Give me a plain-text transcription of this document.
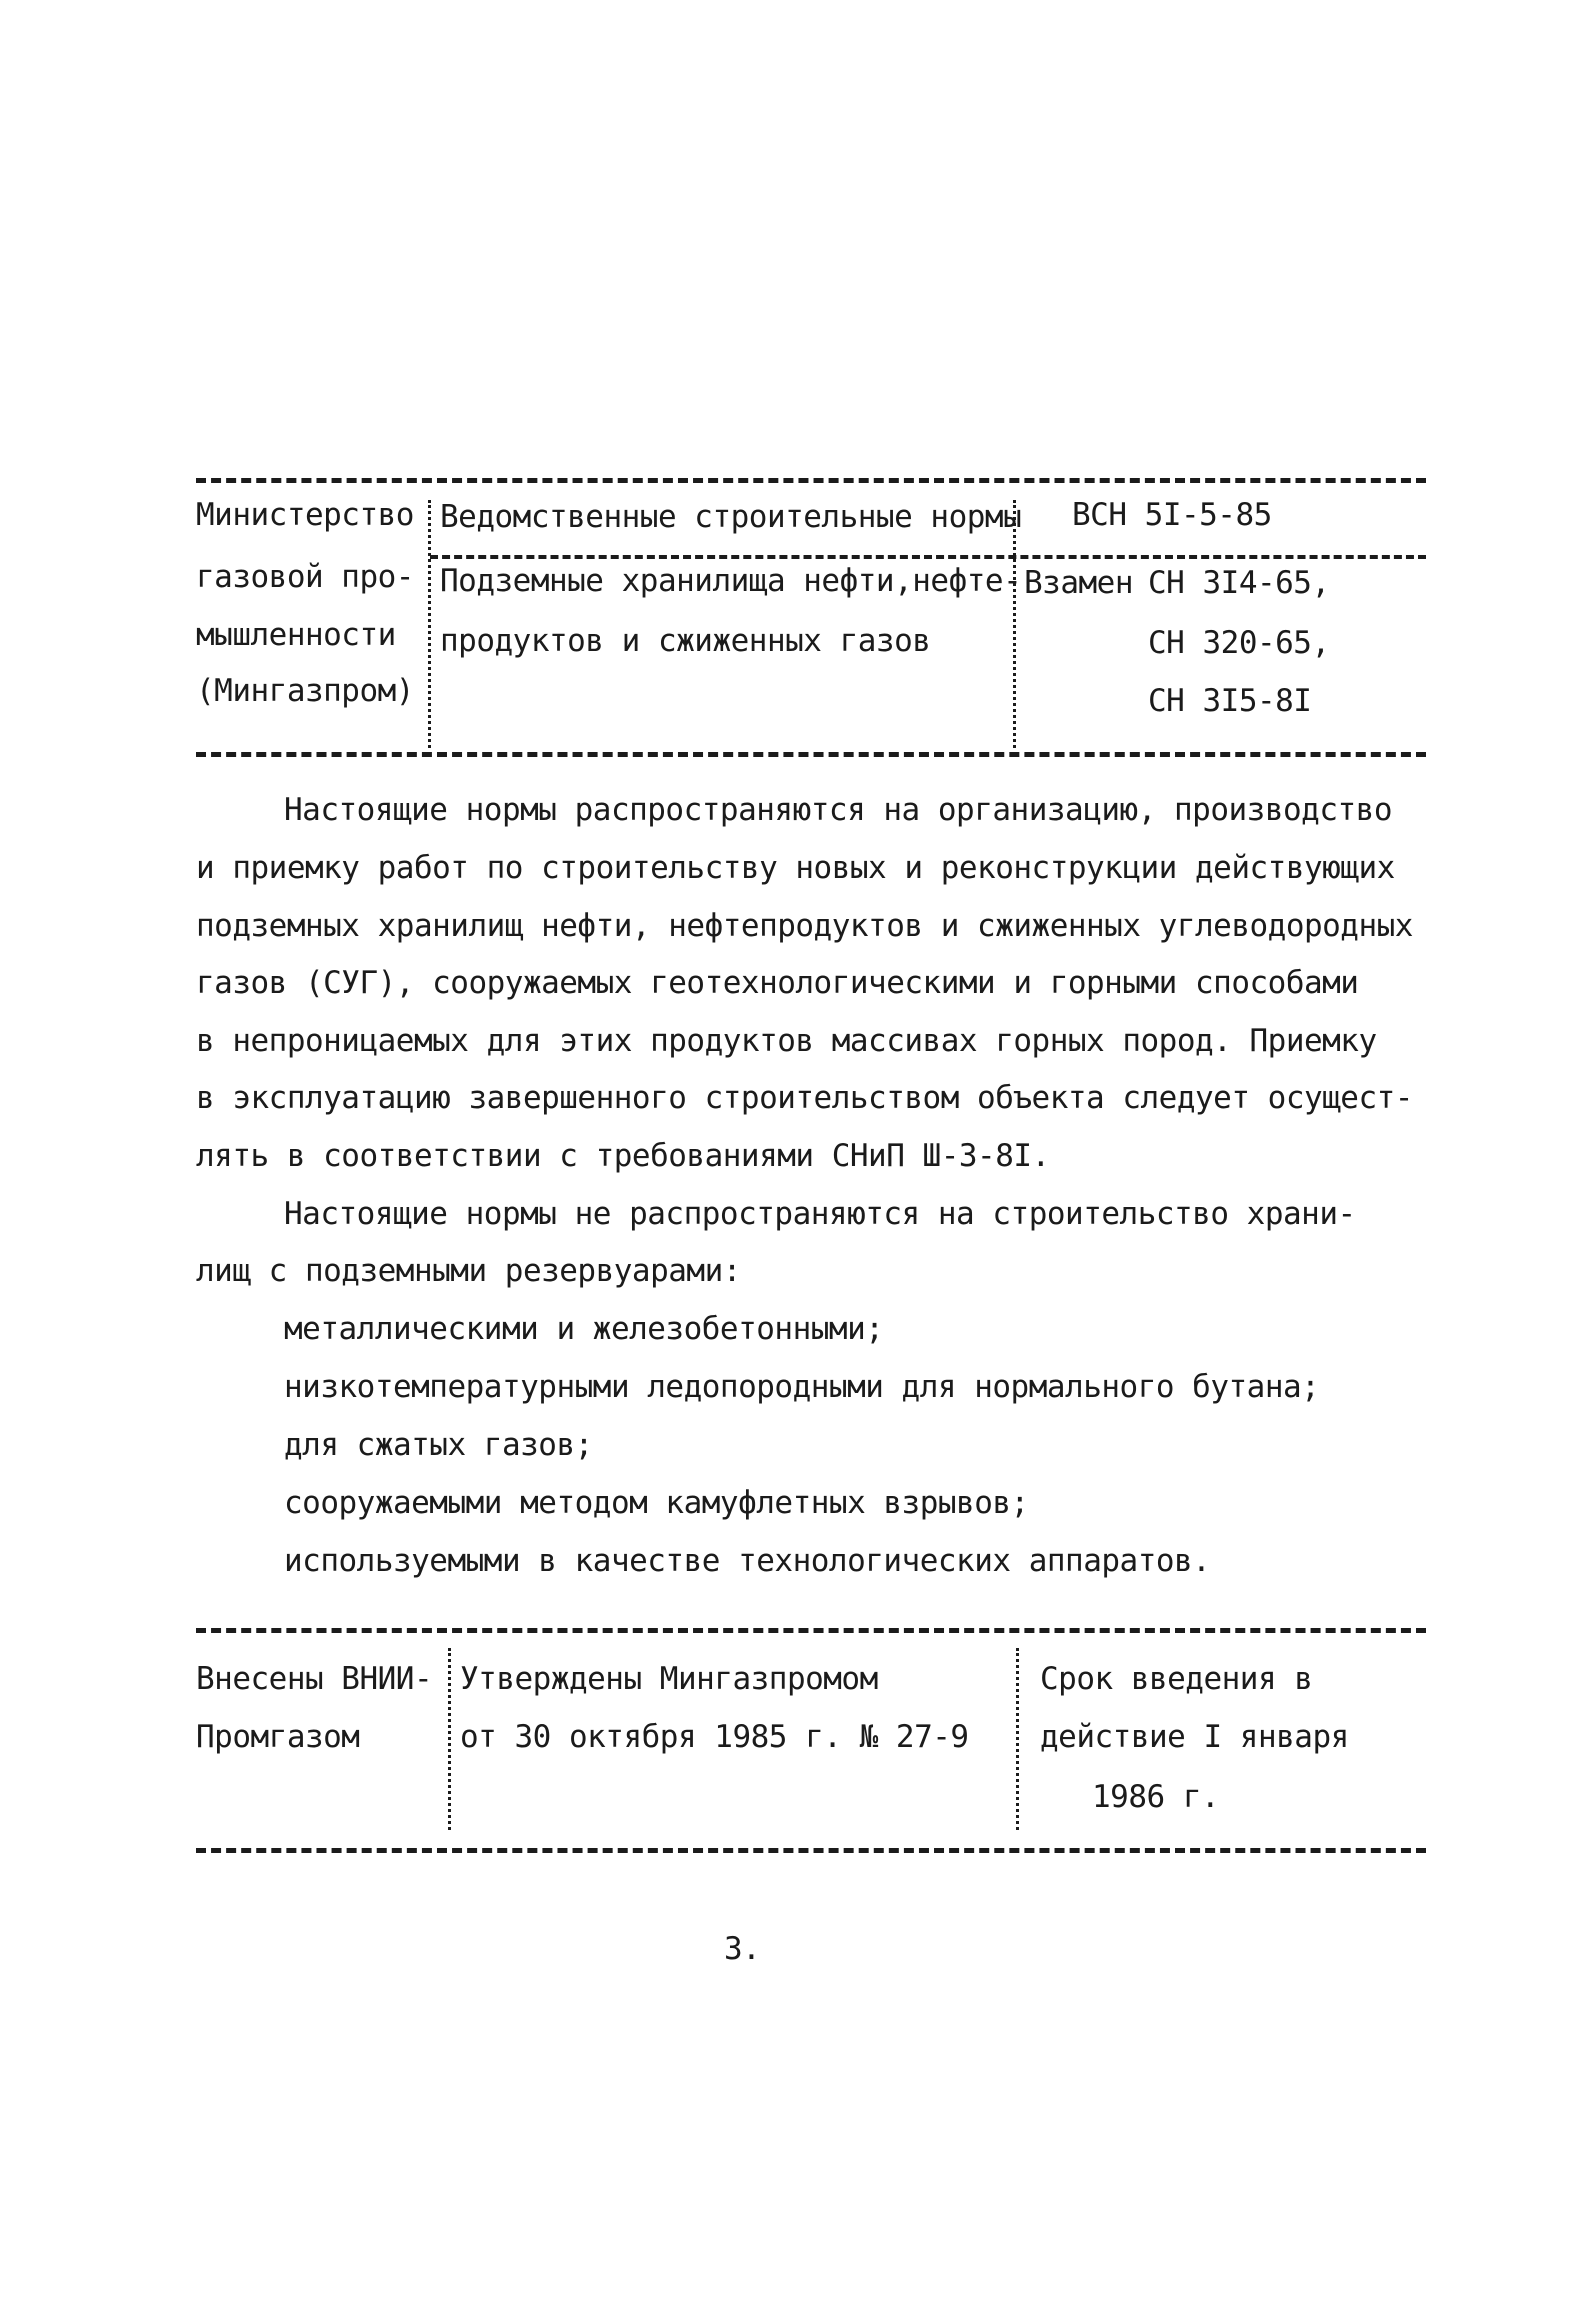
Министерство
газовой про-
мышленности
(Мингазпром)
Ведомственные строительные нормы ВСН 5I-5-85
Подземные хранилища нефти,нефте-
продуктов и сжиженных газов
Взамен СН 3I4-65,
СН 320-65,
СН 3I5-8I
Настоящие нормы распространяются на организацию, производство
и приемку работ по строительству новых и реконструкции действующих
подземных хранилищ нефти, нефтепродуктов и сжиженных углеводородных
газов (СУГ), сооружаемых геотехнологическими и горными способами
в непроницаемых для этих продуктов массивах горных пород. Приемку
в эксплуатацию завершенного строительством объекта следует осущест-
лять в соответствии с требованиями СНиП Ш-3-8I.
Настоящие нормы не распространяются на строительство храни-
лищ с подземными резервуарами:
металлическими и железобетонными;
низкотемпературными ледопородными для нормального бутана;
для сжатых газов;
сооружаемыми методом камуфлетных взрывов;
используемыми в качестве технологических аппаратов.
Внесены ВНИИ-
Промгазом
Утверждены Мингазпромом
от 30 октября 1985 г. № 27-9
Срок введения в
действие I января
1986 г.
3.
